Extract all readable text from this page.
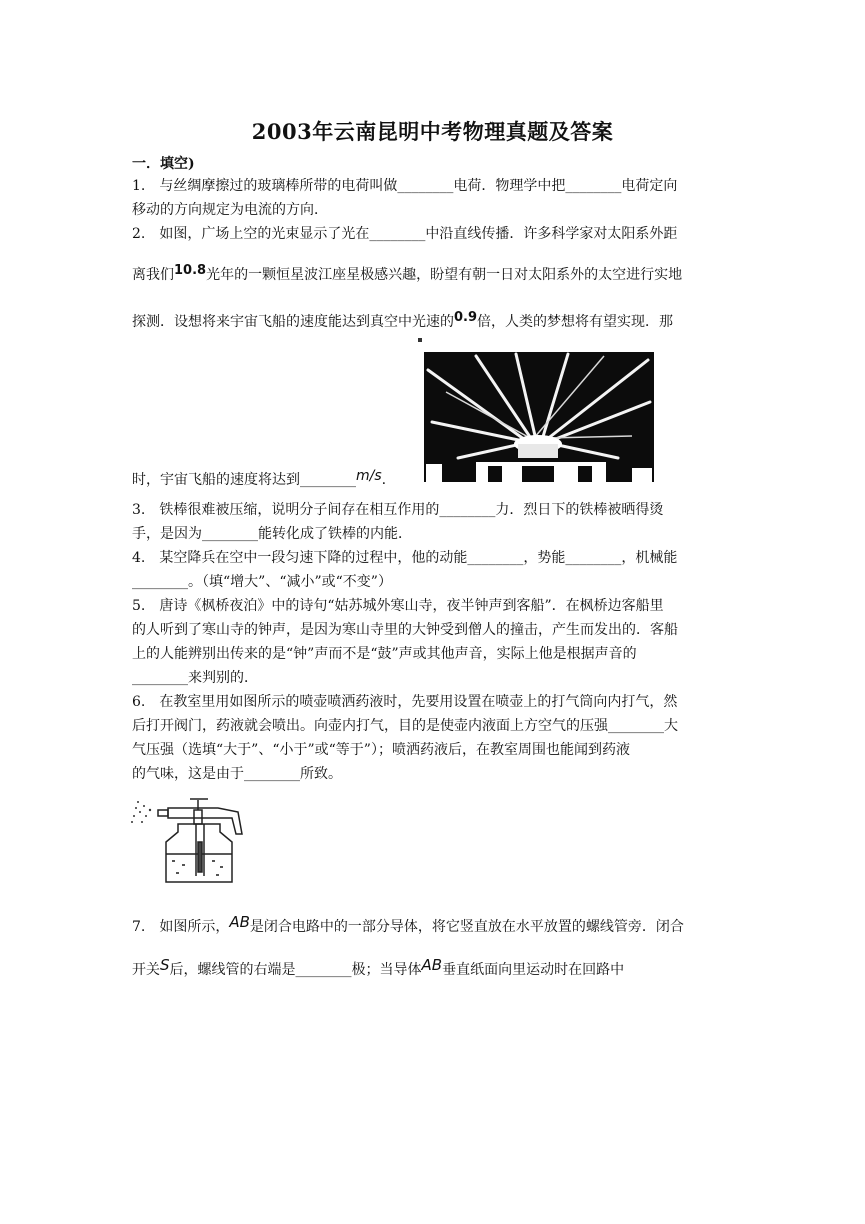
2003年云南昆明中考物理真题及答案
一．填空)
1.　与丝绸摩擦过的玻璃棒所带的电荷叫做________电荷．物理学中把________电荷定向
移动的方向规定为电流的方向．
2.　如图，广场上空的光束显示了光在________中沿直线传播．许多科学家对太阳系外距
离我们10.8光年的一颗恒星波江座星极感兴趣，盼望有朝一日对太阳系外的太空进行实地
探测．设想将来宇宙飞船的速度能达到真空中光速的0.9倍，人类的梦想将有望实现．那
时，宇宙飞船的速度将达到________m/s.
3.　铁棒很难被压缩，说明分子间存在相互作用的________力．烈日下的铁棒被晒得烫
手，是因为________能转化成了铁棒的内能．
4.　某空降兵在空中一段匀速下降的过程中，他的动能________，势能________，机械能
________。（填“增大”、“减小”或“不变”）
5.　唐诗《枫桥夜泊》中的诗句“姑苏城外寒山寺，夜半钟声到客船”．在枫桥边客船里
的人听到了寒山寺的钟声，是因为寒山寺里的大钟受到僧人的撞击，产生而发出的．客船
上的人能辨别出传来的是“钟”声而不是“鼓”声或其他声音，实际上他是根据声音的
________来判别的．
6.　在教室里用如图所示的喷壶喷洒药液时，先要用设置在喷壶上的打气筒向内打气，然
后打开阀门，药液就会喷出。向壶内打气，目的是使壶内液面上方空气的压强________大
气压强（选填“大于”、“小于”或“等于”）；喷洒药液后，在教室周围也能闻到药液
的气味，这是由于________所致。
7.　如图所示，AB是闭合电路中的一部分导体，将它竖直放在水平放置的螺线管旁．闭合
开关S后，螺线管的右端是________极；当导体AB垂直纸面向里运动时在回路中
